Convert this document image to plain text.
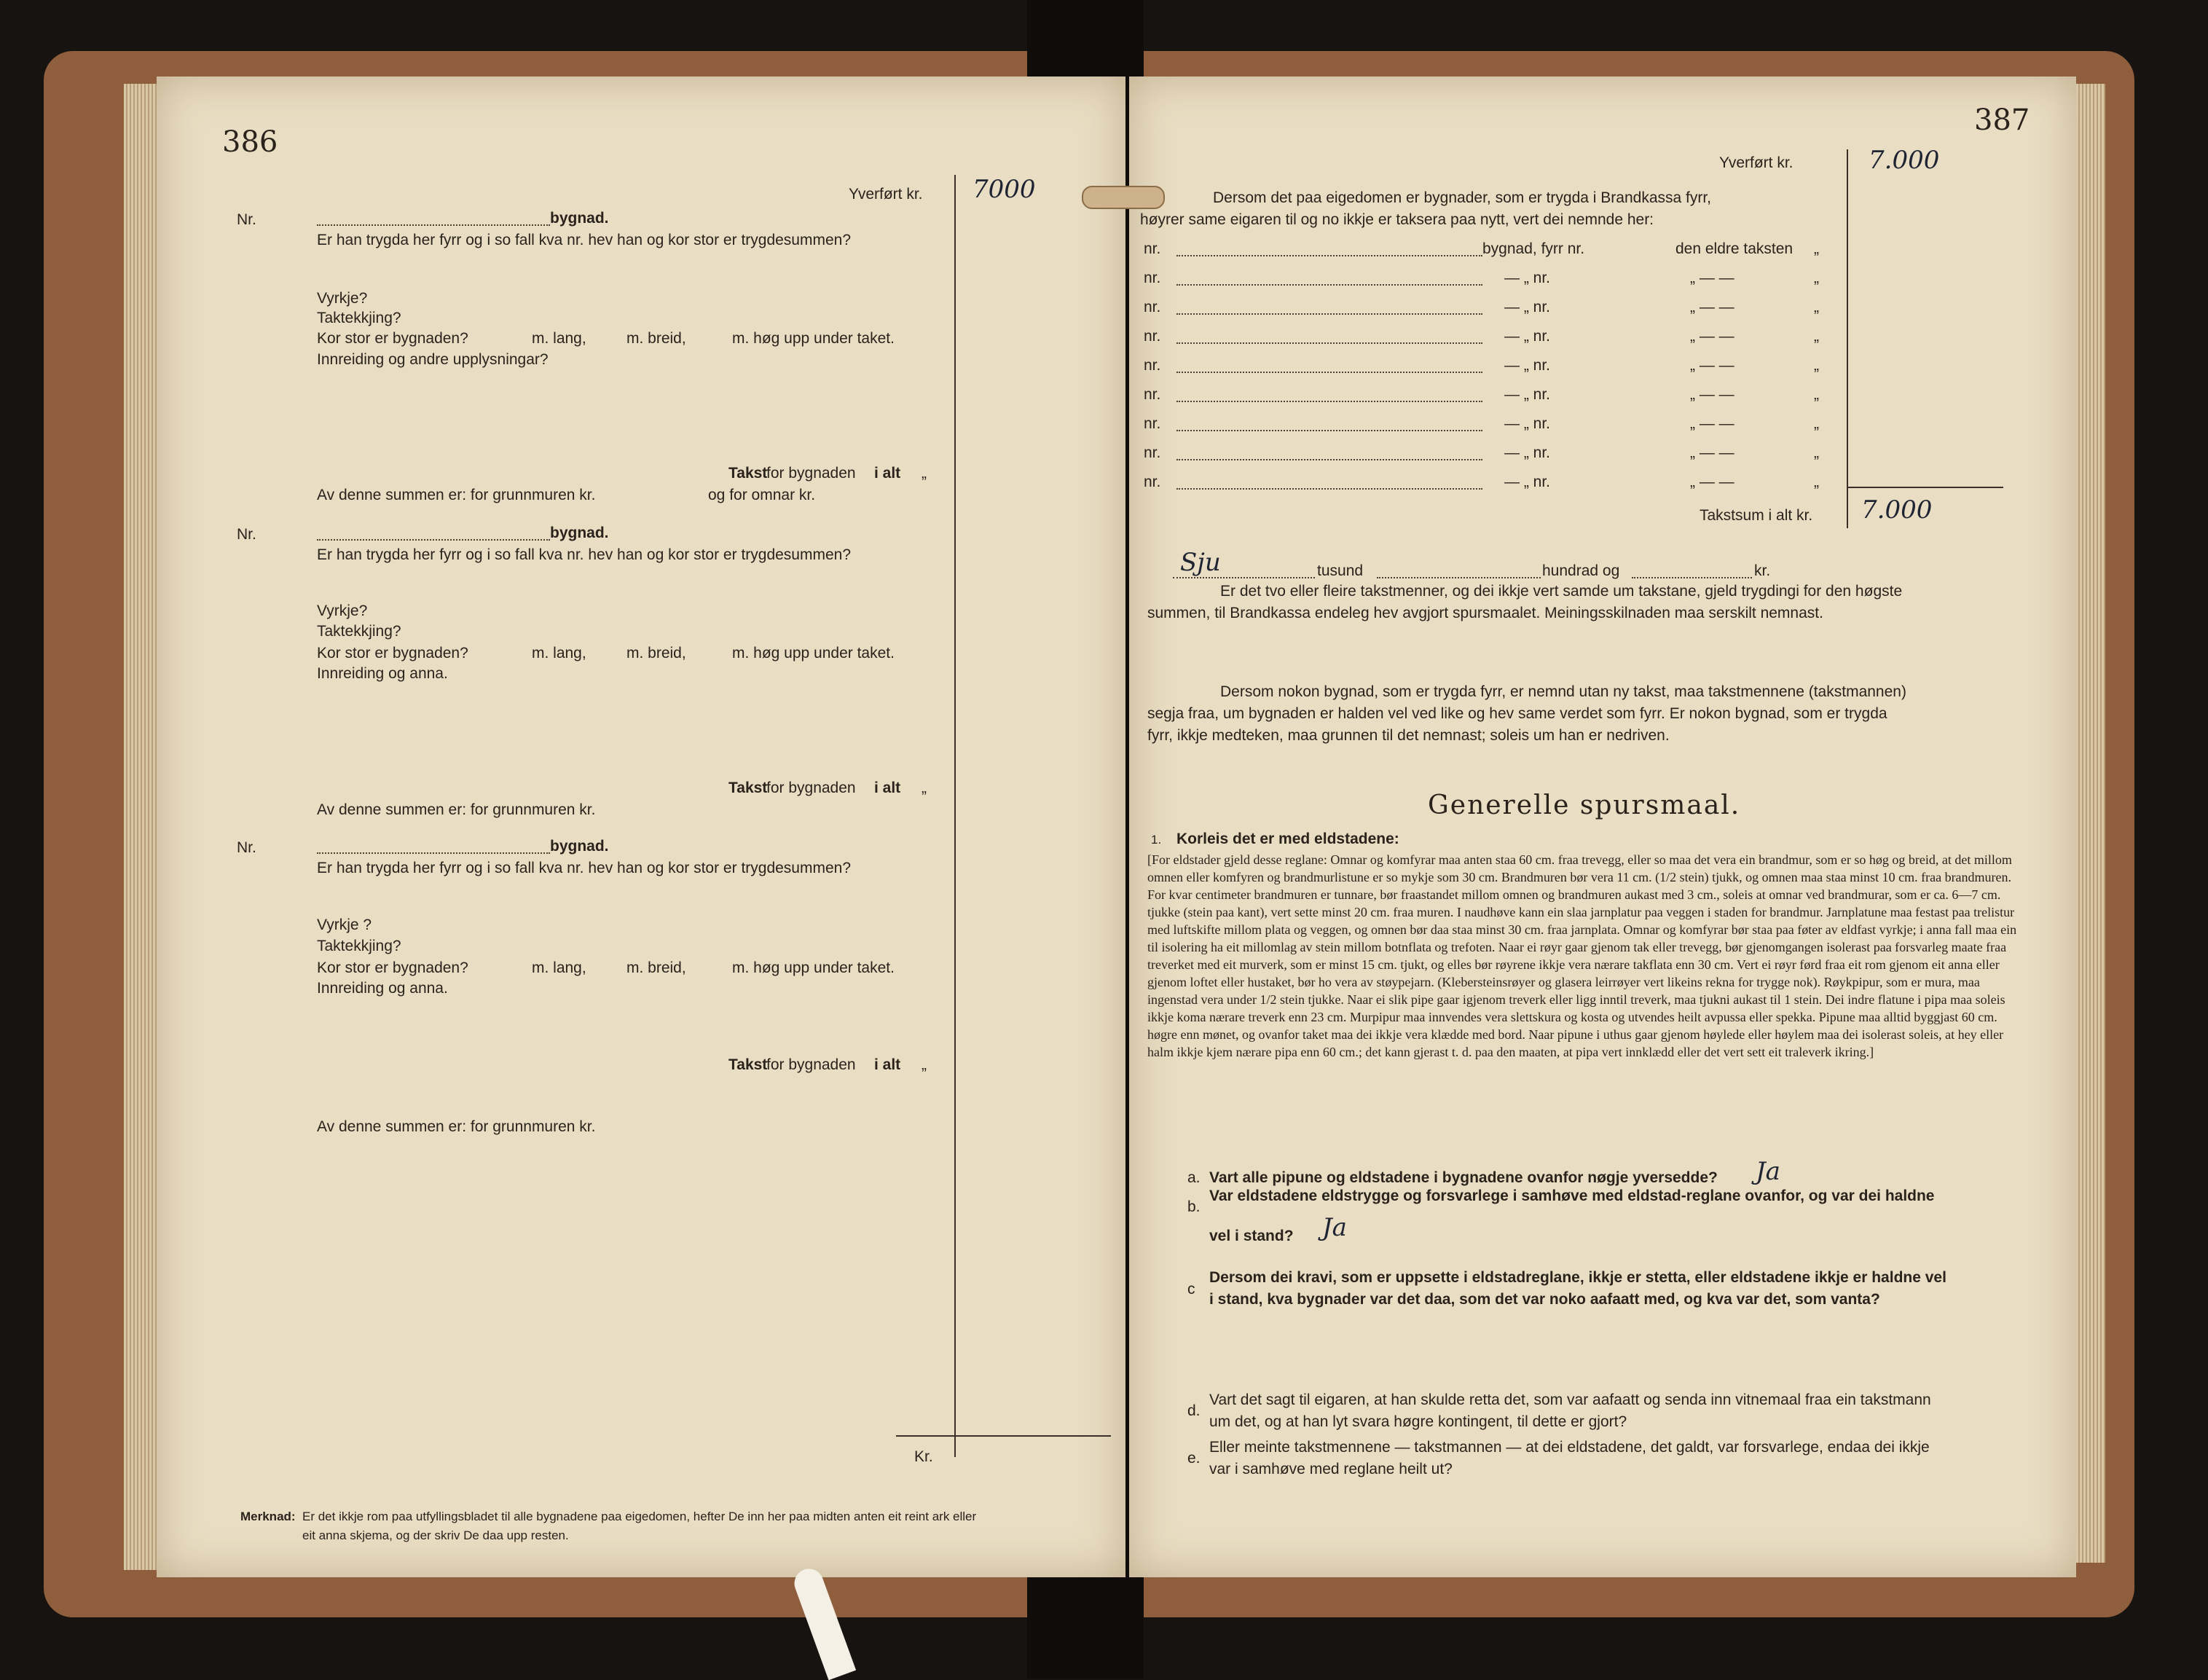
386
Yverført kr. 7000
Nr.	bygnad.
Er han trygda her fyrr og i so fall kva nr. hev han og kor stor er trygdesummen?
Vyrkje?
Taktekkjing?
Kor stor er bygnaden?	m. lang,	m. breid,	m. høg upp under taket.
Innreiding og andre upplysningar?
Takst
for bygnaden i alt „
Av denne summen er: for grunnmuren kr.	og for omnar kr.
Nr.	bygnad.
Er han trygda her fyrr og i so fall kva nr. hev han og kor stor er trygdesummen?
Vyrkje?
Taktekkjing?
Kor stor er bygnaden?	m. lang,	m. breid,	m. høg upp under taket.
Innreiding og anna.
Takst
for bygnaden i alt „
Av denne summen er: for grunnmuren kr.
Nr.	bygnad.
Er han trygda her fyrr og i so fall kva nr. hev han og kor stor er trygdesummen?
Vyrkje ?
Taktekkjing?
Kor stor er bygnaden?	m. lang,	m. breid,	m. høg upp under taket.
Innreiding og anna.
Takst
for bygnaden i alt „
Av denne summen er: for grunnmuren kr.
Kr.
Merknad: Er det ikkje rom paa utfyllingsbladet til alle bygnadene paa eigedomen, hefter De inn her paa midten anten eit reint ark eller
eit anna skjema, og der skriv De daa upp resten.
387
Yverført kr.	7.000
Dersom det paa eigedomen er bygnader, som er trygda i Brandkassa fyrr,
høyrer same eigaren til og no ikkje er taksera paa nytt, vert dei nemnde her:
nr.	bygnad, fyrr nr.	den eldre taksten „
nr.	— „ nr.	„ — —	„
nr.	— „ nr.	„ — —	„
nr.	— „ nr.	„ — —	„
nr.	— „ nr.	„ — —	„
nr.	— „ nr.	„ — —	„
nr.	— „ nr.	„ — —	„
nr.	— „ nr.	„ — —	„
nr.	— „ nr.	„ — —	„
Takstsum i alt kr. 7.000
Sju	tusund	hundrad og	kr.
Er det tvo eller fleire takstmenner, og dei ikkje vert samde um takstane, gjeld trygdingi for den høgste
summen, til Brandkassa endeleg hev avgjort spursmaalet. Meiningsskilnaden maa serskilt nemnast.
Dersom nokon bygnad, som er trygda fyrr, er nemnd utan ny takst, maa takstmennene (takstmannen)
segja fraa, um bygnaden er halden vel ved like og hev same verdet som fyrr. Er nokon bygnad, som er trygda
fyrr, ikkje medteken, maa grunnen til det nemnast; soleis um han er nedriven.
Generelle spursmaal.
1. Korleis det er med eldstadene:
[For eldstader gjeld desse reglane: Omnar og komfyrar maa anten staa 60 cm. fraa trevegg, eller so maa det vera ein brandmur, som er so høg og breid, at det millom omnen eller komfyren og brandmurlistune er so mykje som 30 cm. Brandmuren bør vera 11 cm. (1/2 stein) tjukk, og omnen maa staa minst 10 cm. fraa brandmuren. For kvar centimeter brandmuren er tunnare, bør fraastandet millom omnen og brandmuren aukast med 3 cm., soleis at omnar ved brandmurar, som er ca. 6—7 cm. tjukke (stein paa kant), vert sette minst 20 cm. fraa muren. I naudhøve kann ein slaa jarnplatur paa veggen i staden for brandmur. Jarnplatune maa festast paa trelistur med luftskifte millom plata og veggen, og omnen bør daa staa minst 30 cm. fraa jarnplata. Omnar og komfyrar bør staa paa føter av eldfast vyrkje; i anna fall maa ein til isolering ha eit millomlag av stein millom botnflata og trefoten. Naar ei røyr gaar gjenom tak eller trevegg, bør gjenomgangen isolerast paa forsvarleg maate fraa treverket med eit murverk, som er minst 15 cm. tjukt, og elles bør røyrene ikkje vera nærare takflata enn 30 cm. Vert ei røyr førd fraa eit rom gjenom eit anna eller gjenom loftet eller hustaket, bør ho vera av støypejarn. (Klebersteinsrøyer og glasera leirrøyer vert likeins rekna for trygge nok). Røykpipur, som er mura, maa ingenstad vera under 1/2 stein tjukke. Naar ei slik pipe gaar igjenom treverk eller ligg inntil treverk, maa tjukni aukast til 1 stein. Dei indre flatune i pipa maa soleis ikkje koma nærare treverk enn 23 cm. Murpipur maa innvendes vera slettskura og kosta og utvendes heilt avpussa eller spekka. Pipune maa alltid byggjast 60 cm. høgre enn mønet, og ovanfor taket maa dei ikkje vera klædde med bord. Naar pipune i uthus gaar gjenom høylede eller høylem maa dei isolerast soleis, at hey eller halm ikkje kjem nærare pipa enn 60 cm.; det kann gjerast t. d. paa den maaten, at pipa vert innklædd eller det vert sett eit traleverk ikring.]
a. Vart alle pipune og eldstadene i bygnadene ovanfor nøgje yversedde? Ja
b.
Var eldstadene eldstrygge og forsvarlege i samhøve med eldstad-reglane ovanfor, og var dei haldne
vel i stand? Ja
c
Dersom dei kravi, som er uppsette i eldstadreglane, ikkje er stetta, eller eldstadene ikkje er haldne vel
i stand, kva bygnader var det daa, som det var noko aafaatt med, og kva var det, som vanta?
d.
Vart det sagt til eigaren, at han skulde retta det, som var aafaatt og senda inn vitnemaal fraa ein takstmann
um det, og at han lyt svara høgre kontingent, til dette er gjort?
e.
Eller meinte takstmennene — takstmannen — at dei eldstadene, det galdt, var forsvarlege, endaa dei ikkje
var i samhøve med reglane heilt ut?
